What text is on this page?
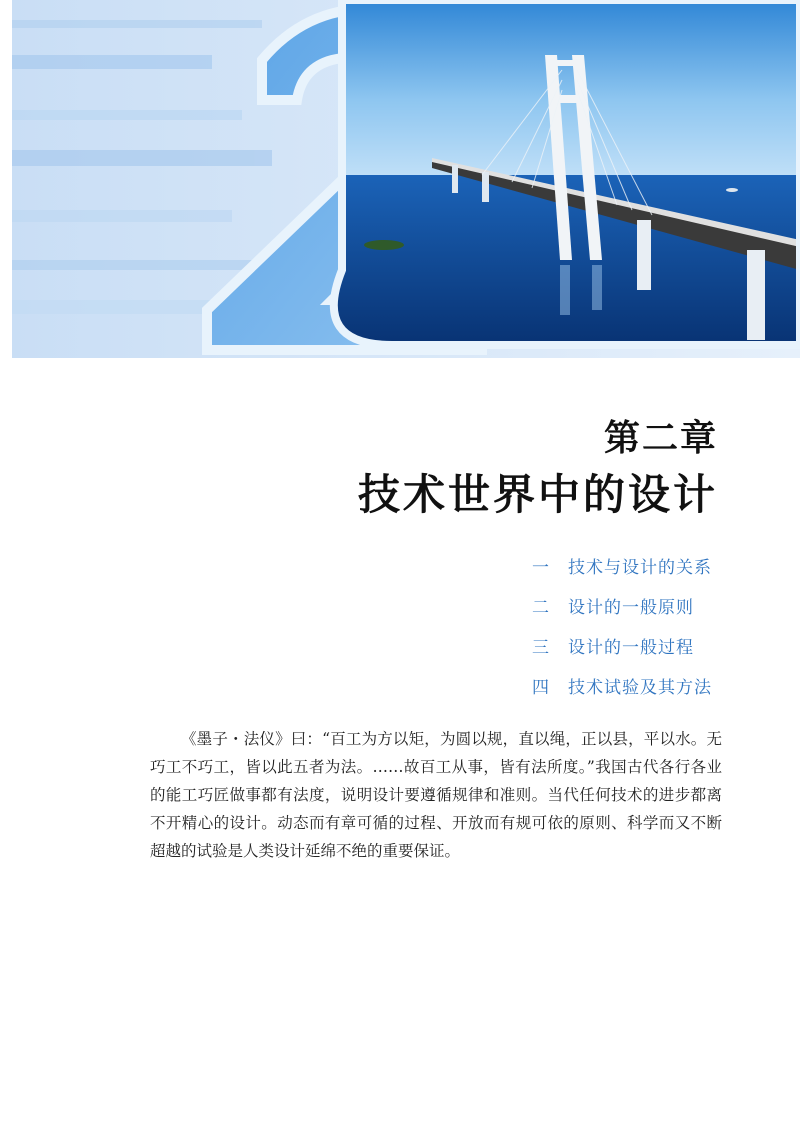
第二章
技术世界中的设计
一	技术与设计的关系
二	设计的一般原则
三	设计的一般过程
四	技术试验及其方法

《墨子・法仪》曰：“百工为方以矩，为圆以规，直以绳，正以县，平以水。无巧工不巧工，皆以此五者为法。……故百工从事，皆有法所度。”我国古代各行各业的能工巧匠做事都有法度，说明设计要遵循规律和准则。当代任何技术的进步都离不开精心的设计。动态而有章可循的过程、开放而有规可依的原则、科学而又不断超越的试验是人类设计延绵不绝的重要保证。
